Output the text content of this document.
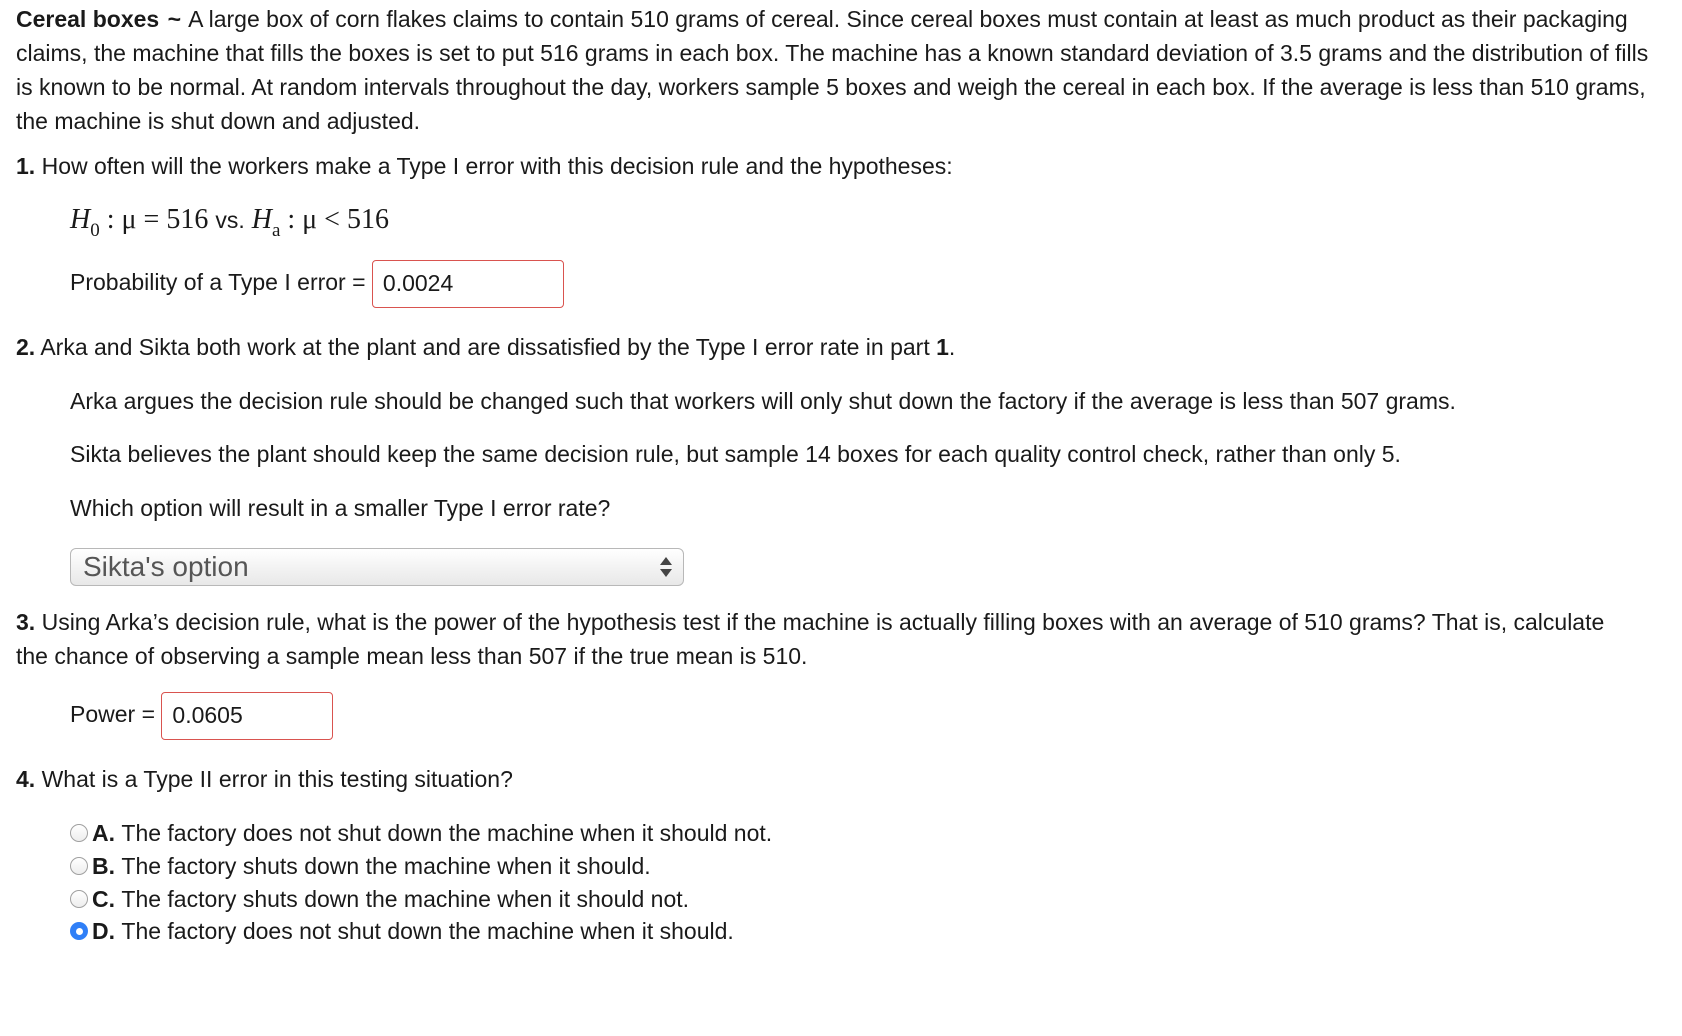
Cereal boxes ~ A large box of corn flakes claims to contain 510 grams of cereal. Since cereal boxes must contain at least as much product as their packaging claims, the machine that fills the boxes is set to put 516 grams in each box. The machine has a known standard deviation of 3.5 grams and the distribution of fills is known to be normal. At random intervals throughout the day, workers sample 5 boxes and weigh the cereal in each box. If the average is less than 510 grams, the machine is shut down and adjusted.

1. How often will the workers make a Type I error with this decision rule and the hypotheses:
$H_0$ : μ = 516 vs. $H_a$ : μ < 516
Probability of a Type I error = 0.0024
2. Arka and Sikta both work at the plant and are dissatisfied by the Type I error rate in part 1.
Arka argues the decision rule should be changed such that workers will only shut down the factory if the average is less than 507 grams.
Sikta believes the plant should keep the same decision rule, but sample 14 boxes for each quality control check, rather than only 5.
Which option will result in a smaller Type I error rate?
Sikta's option
3. Using Arka’s decision rule, what is the power of the hypothesis test if the machine is actually filling boxes with an average of 510 grams? That is, calculate the chance of observing a sample mean less than 507 if the true mean is 510.
Power = 0.0605
4. What is a Type II error in this testing situation?
A.
The factory does not shut down the machine when it should not.
B.
The factory shuts down the machine when it should.
C.
The factory shuts down the machine when it should not.
D.
The factory does not shut down the machine when it should.
